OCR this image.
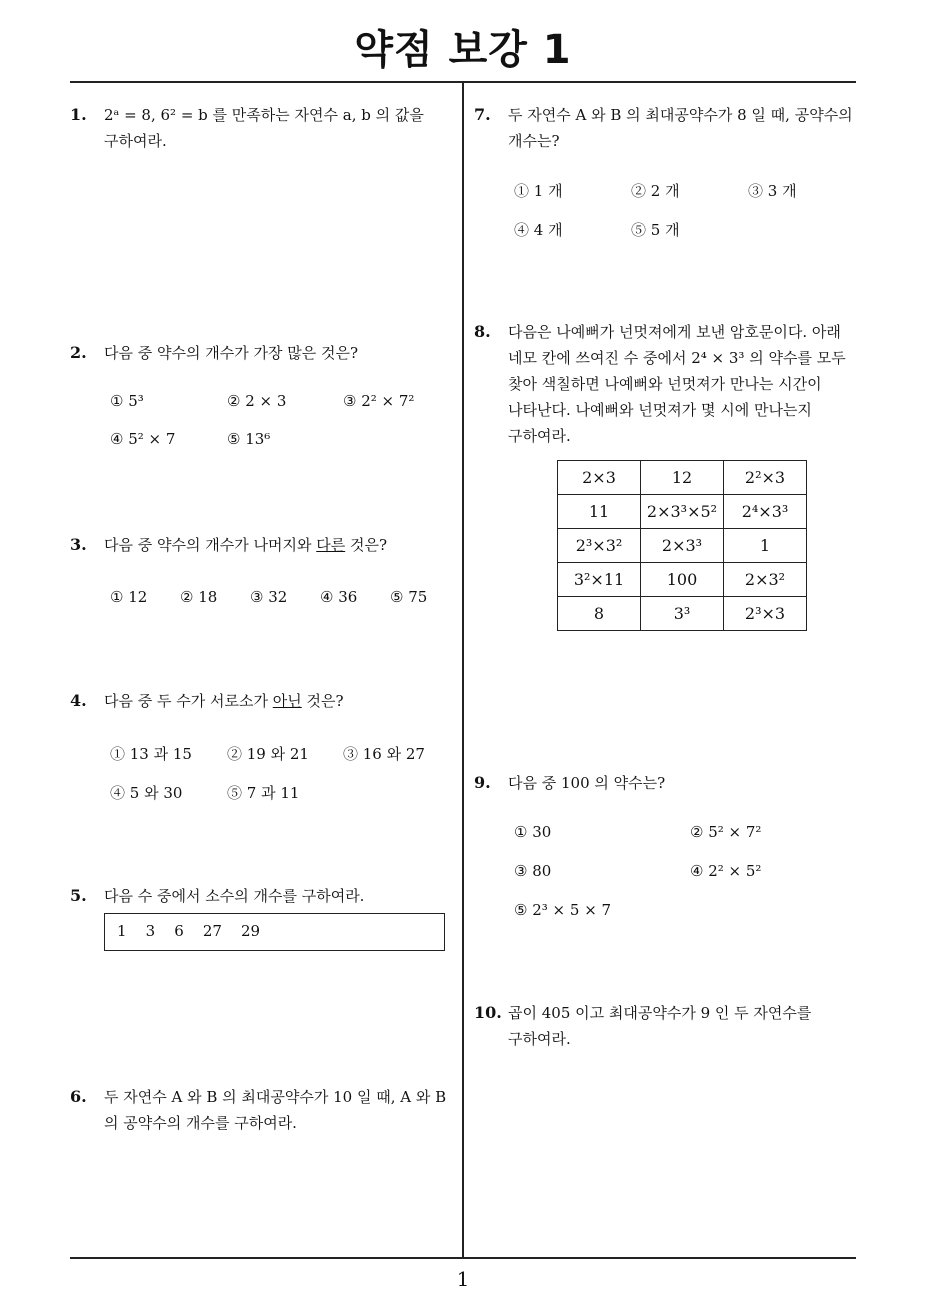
약점 보강 1
1. 2ᵃ = 8, 6² = b 를 만족하는 자연수 a, b 의 값을
구하여라.
2. 다음 중 약수의 개수가 가장 많은 것은?
① 5³	② 2 × 3	③ 2² × 7²
④ 5² × 7	⑤ 13⁶
3. 다음 중 약수의 개수가 나머지와 다른 것은?
① 12 ② 18 ③ 32 ④ 36 ⑤ 75
4. 다음 중 두 수가 서로소가 아닌 것은?
① 13 과 15 ② 19 와 21 ③ 16 와 27
④ 5 와 30	⑤ 7 과 11
5. 다음 수 중에서 소수의 개수를 구하여라.
1    3    6    27    29
6. 두 자연수 A 와 B 의 최대공약수가 10 일 때, A 와 B
의 공약수의 개수를 구하여라.
7. 두 자연수 A 와 B 의 최대공약수가 8 일 때, 공약수의
개수는?
① 1 개	② 2 개	③ 3 개
④ 4 개	⑤ 5 개
8. 다음은 나예뻐가 넌멋져에게 보낸 암호문이다. 아래
네모 칸에 쓰여진 수 중에서 2⁴ × 3³ 의 약수를 모두
찾아 색칠하면 나예뻐와 넌멋져가 만나는 시간이
나타난다. 나예뻐와 넌멋져가 몇 시에 만나는지
구하여라.
2×3	12	2²×3
11	2×3³×5²	2⁴×3³
2³×3²	2×3³	1
3²×11	100	2×3²
8	3³	2³×3
9. 다음 중 100 의 약수는?
① 30	② 5² × 7²
③ 80	④ 2² × 5²
⑤ 2³ × 5 × 7
10. 곱이 405 이고 최대공약수가 9 인 두 자연수를
구하여라.
1
